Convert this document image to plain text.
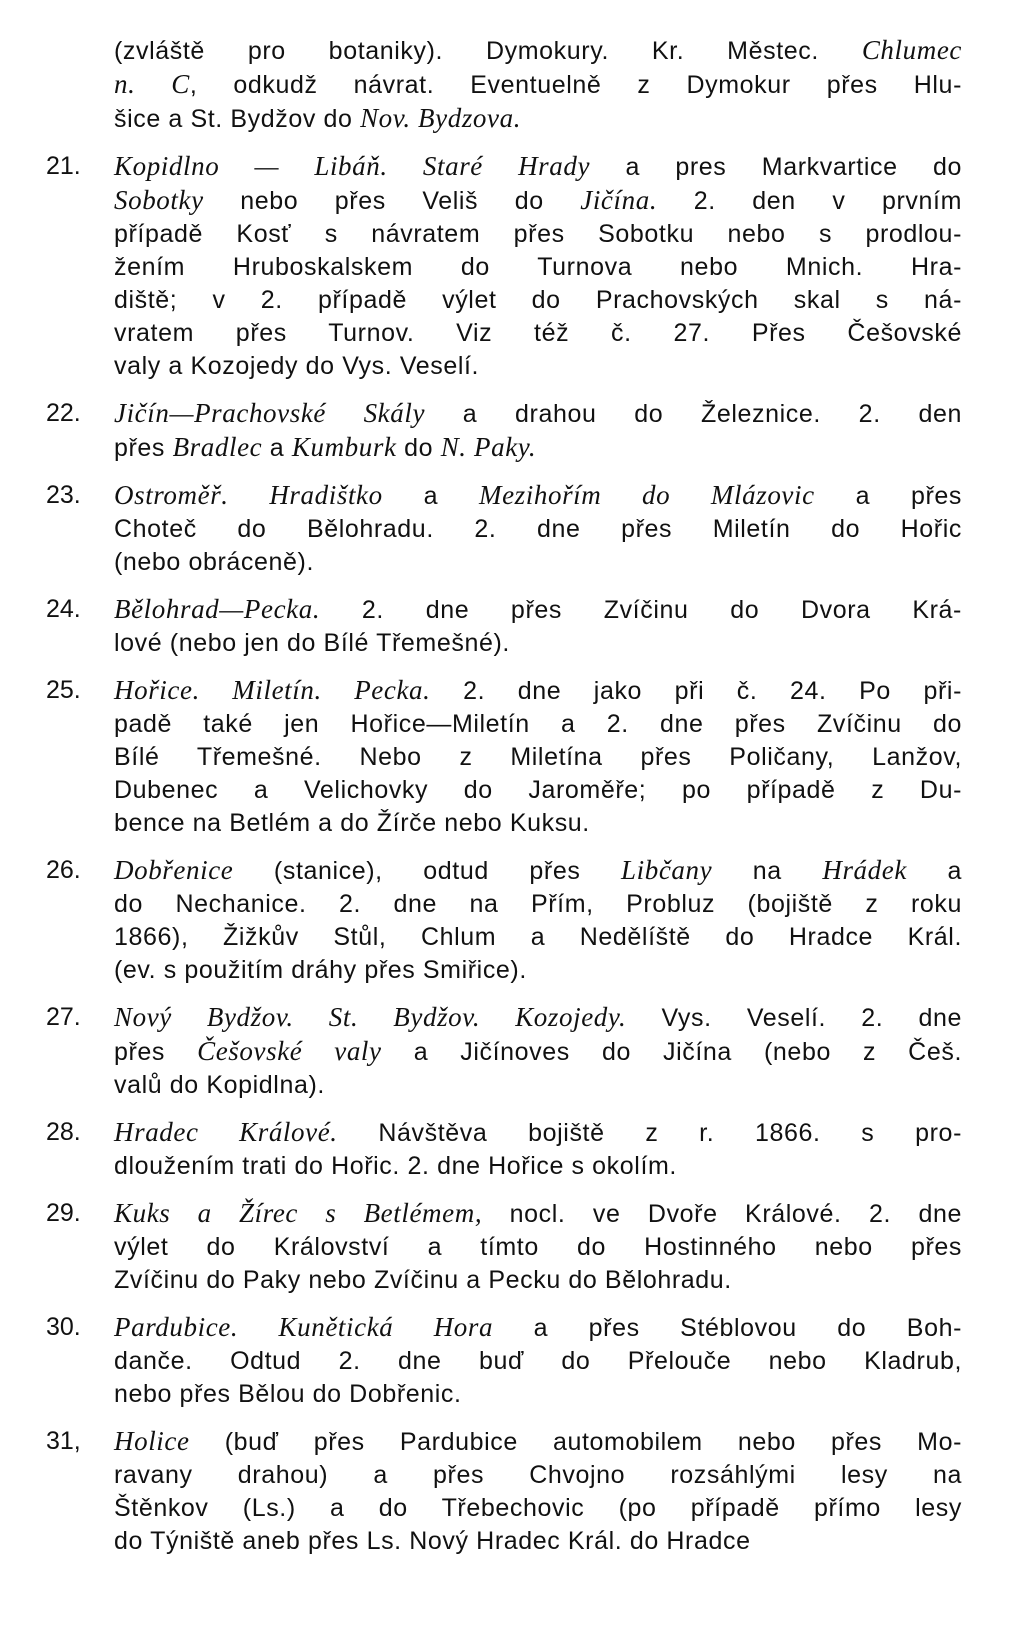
(zvláště pro botaniky). Dymokury. Kr. Městec. Chlumec
n. C, odkudž návrat. Eventuelně z Dymokur přes Hlu-
šice a St. Bydžov do Nov. Bydzova.
21.	Kopidlno — Libáň. Staré Hrady a pres Markvartice do
Sobotky nebo přes Veliš do Jičína. 2. den v prvním
případě Kosť s návratem přes Sobotku nebo s prodlou-
žením Hruboskalskem do Turnova nebo Mnich. Hra-
diště; v 2. případě výlet do Prachovských skal s ná-
vratem přes Turnov. Viz též č. 27. Přes Češovské
valy a Kozojedy do Vys. Veselí.
22.	Jičín—Prachovské Skály a drahou do Železnice. 2. den
přes Bradlec a Kumburk do N. Paky.
23.	Ostroměř. Hradištko a Mezihořím do Mlázovic a přes
Choteč do Bělohradu. 2. dne přes Miletín do Hořic
(nebo obráceně).
24.	Bělohrad—Pecka. 2. dne přes Zvíčinu do Dvora Krá-
lové (nebo jen do Bílé Třemešné).
25.	Hořice. Miletín. Pecka. 2. dne jako při č. 24. Po při-
padě také jen Hořice—Miletín a 2. dne přes Zvíčinu do
Bílé Třemešné. Nebo z Miletína přes Poličany, Lanžov,
Dubenec a Velichovky do Jaroměře; po případě z Du-
bence na Betlém a do Žírče nebo Kuksu.
26.	Dobřenice (stanice), odtud přes Libčany na Hrádek a
do Nechanice. 2. dne na Přím, Probluz (bojiště z roku
1866), Žižkův Stůl, Chlum a Nedělíště do Hradce Král.
(ev. s použitím dráhy přes Smiřice).
27.	Nový Bydžov. St. Bydžov. Kozojedy. Vys. Veselí. 2. dne
přes Češovské valy a Jičínoves do Jičína (nebo z Češ.
valů do Kopidlna).
28.	Hradec Králové. Návštěva bojiště z r. 1866. s pro-
dloužením trati do Hořic. 2. dne Hořice s okolím.
29.	Kuks a Žírec s Betlémem, nocl. ve Dvoře Králové. 2. dne
výlet do Království a tímto do Hostinného nebo přes
Zvíčinu do Paky nebo Zvíčinu a Pecku do Bělohradu.
30.	Pardubice. Kunětická Hora a přes Stéblovou do Boh-
danče. Odtud 2. dne buď do Přelouče nebo Kladrub,
nebo přes Bělou do Dobřenic.
31,	Holice (buď přes Pardubice automobilem nebo přes Mo-
ravany drahou) a přes Chvojno rozsáhlými lesy na
Štěnkov (Ls.) a do Třebechovic (po případě přímo lesy
do Týniště aneb přes Ls. Nový Hradec Král. do Hradce
